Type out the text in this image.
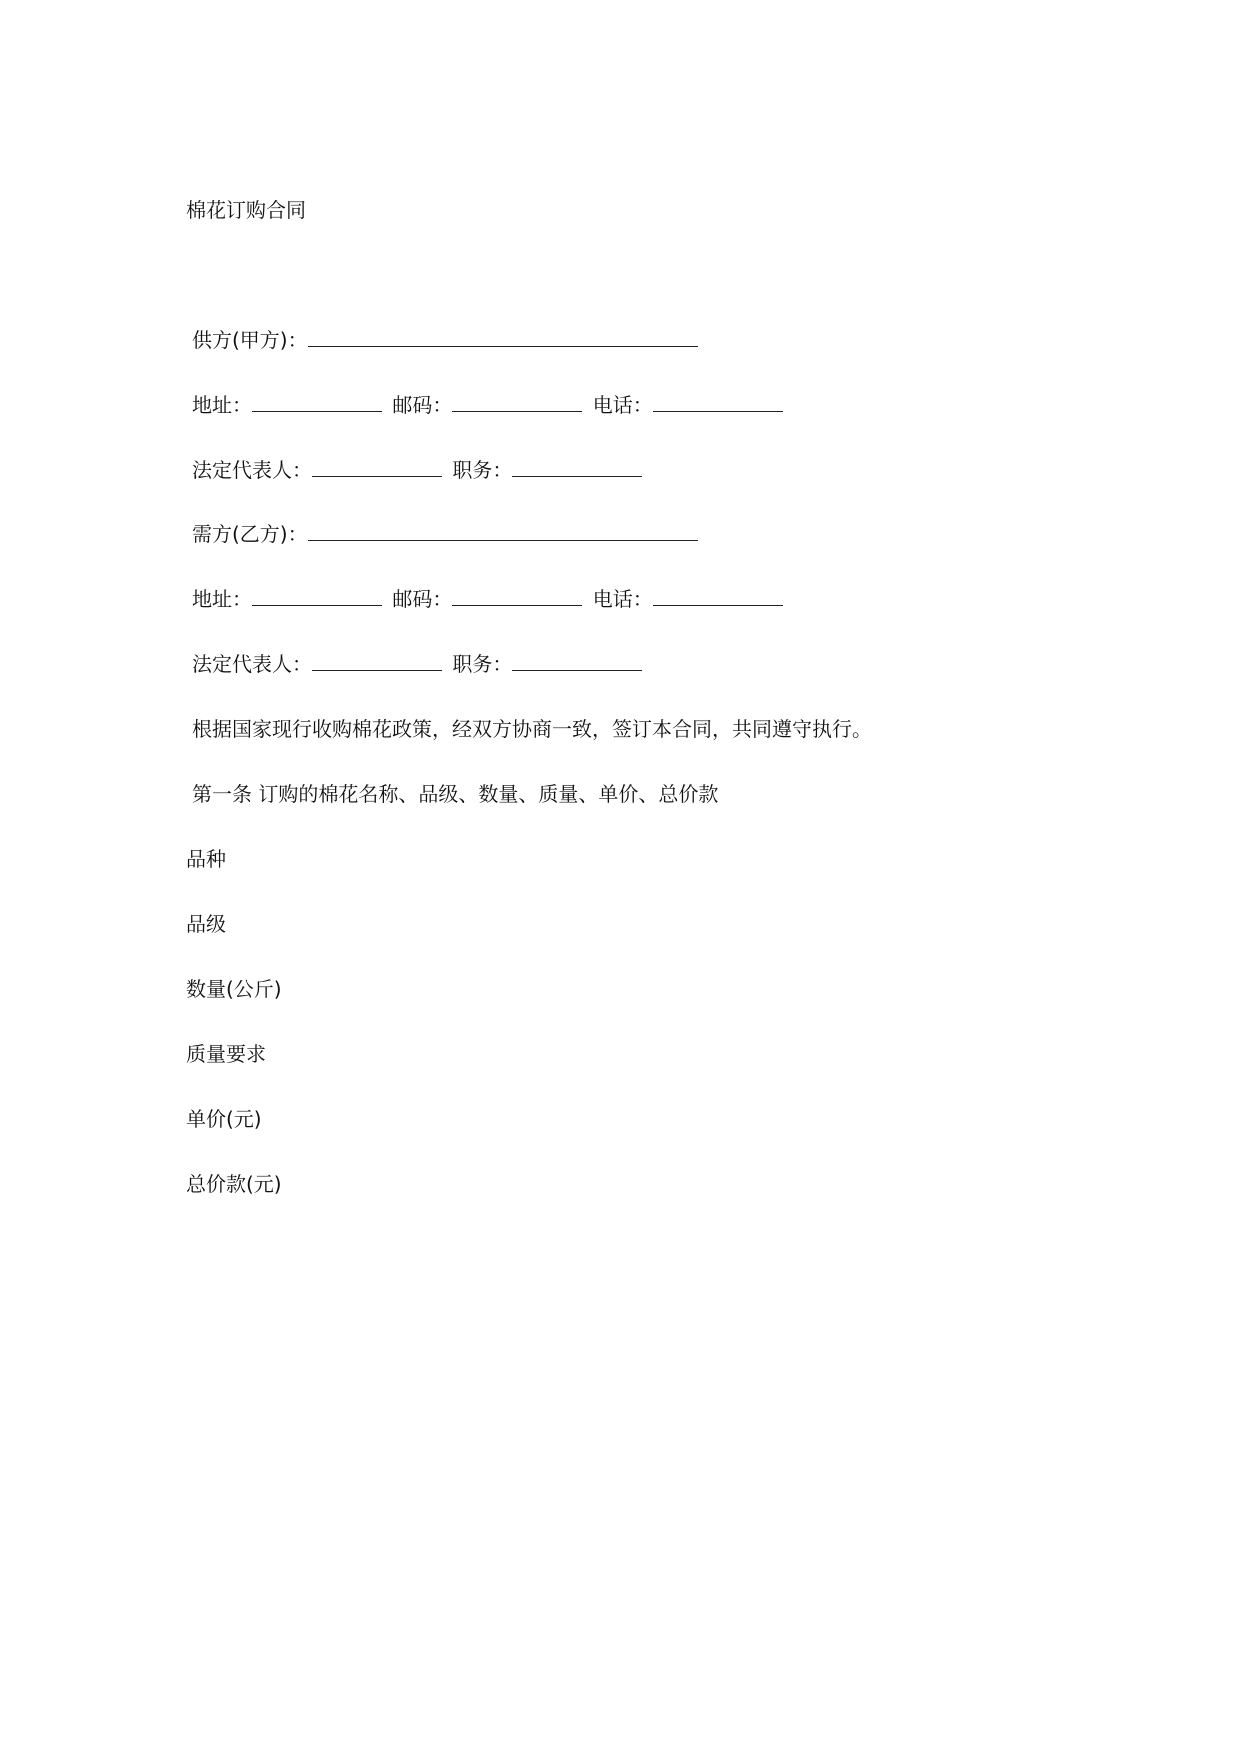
棉花订购合同
供方(甲方)：
地址：	邮码：	电话：
法定代表人：	职务：
需方(乙方)：
地址：	邮码：	电话：
法定代表人：	职务：
根据国家现行收购棉花政策，经双方协商一致，签订本合同，共同遵守执行。
第一条 订购的棉花名称、品级、数量、质量、单价、总价款
品种
品级
数量(公斤)
质量要求
单价(元)
总价款(元)
